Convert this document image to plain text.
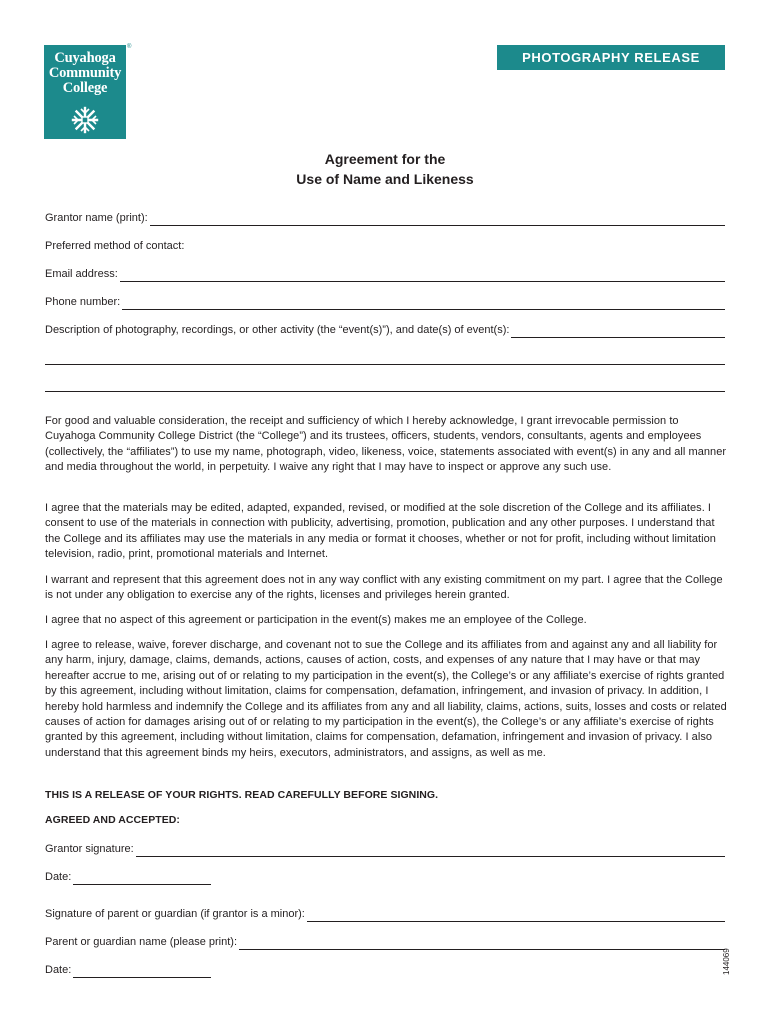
Cuyahoga
Community
College
®
PHOTOGRAPHY RELEASE
Agreement for the
Use of Name and Likeness
Grantor name (print):
Preferred method of contact:
Email address:
Phone number:
Description of photography, recordings, or other activity (the “event(s)”), and date(s) of event(s):

For good and valuable consideration, the receipt and sufficiency of which I hereby acknowledge, I grant irrevocable permission to Cuyahoga Community College District (the “College”) and its trustees, officers, students, vendors, consultants, agents and employees (collectively, the “affiliates”) to use my name, photograph, video, likeness, voice, statements associated with event(s) in any and all manner and media throughout the world, in perpetuity. I waive any right that I may have to inspect or approve any such use.

I agree that the materials may be edited, adapted, expanded, revised, or modified at the sole discretion of the College and its affiliates. I consent to use of the materials in connection with publicity, advertising, promotion, publication and any other purposes. I understand that the College and its affiliates may use the materials in any media or format it chooses, whether or not for profit, including without limitation television, radio, print, promotional materials and Internet.

I warrant and represent that this agreement does not in any way conflict with any existing commitment on my part. I agree that the College is not under any obligation to exercise any of the rights, licenses and privileges herein granted.

I agree that no aspect of this agreement or participation in the event(s) makes me an employee of the College.

I agree to release, waive, forever discharge, and covenant not to sue the College and its affiliates from and against any and all liability for any harm, injury, damage, claims, demands, actions, causes of action, costs, and expenses of any nature that I may have or that may hereafter accrue to me, arising out of or relating to my participation in the event(s), the College’s or any affiliate’s exercise of rights granted by this agreement, including without limitation, claims for compensation, defamation, infringement, and invasion of privacy. In addition, I hereby hold harmless and indemnify the College and its affiliates from any and all liability, claims, actions, suits, losses and costs or related causes of action for damages arising out of or relating to my participation in the event(s), the College’s or any affiliate’s exercise of rights granted by this agreement, including without limitation, claims for compensation, defamation, infringement and invasion of privacy. I also understand that this agreement binds my heirs, executors, administrators, and assigns, as well as me.

THIS IS A RELEASE OF YOUR RIGHTS. READ CAREFULLY BEFORE SIGNING.
AGREED AND ACCEPTED:
Grantor signature:
Date:
Signature of parent or guardian (if grantor is a minor):
Parent or guardian name (please print):
Date:	144069
